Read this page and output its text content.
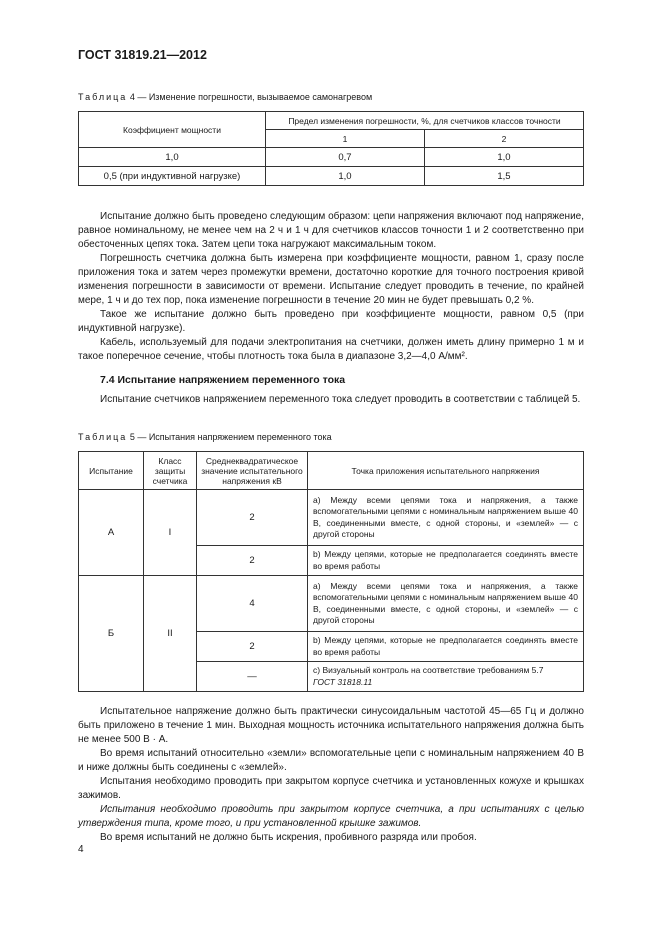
ГОСТ 31819.21—2012
Таблица 4 — Изменение погрешности, вызываемое самонагревом
Коэффициент мощности	Предел изменения погрешности, %, для счетчиков классов точности	
	1	2
1,0	0,7	1,0
0,5 (при индуктивной нагрузке)	1,0	1,5

Испытание должно быть проведено следующим образом: цепи напряжения включают под напряжение, равное номинальному, не менее чем на 2 ч и 1 ч для счетчиков классов точности 1 и 2 соответственно при обесточенных цепях тока. Затем цепи тока нагружают максимальным током.

Погрешность счетчика должна быть измерена при коэффициенте мощности, равном 1, сразу после приложения тока и затем через промежутки времени, достаточно короткие для точного построения кривой изменения погрешности в зависимости от времени. Испытание следует проводить в течение, по крайней мере, 1 ч и до тех пор, пока изменение погрешности в течение 20 мин не будет превышать 0,2 %.

Такое же испытание должно быть проведено при коэффициенте мощности, равном 0,5 (при индуктивной нагрузке).

Кабель, используемый для подачи электропитания на счетчики, должен иметь длину примерно 1 м и такое поперечное сечение, чтобы плотность тока была в диапазоне 3,2—4,0 А/мм².

7.4 Испытание напряжением переменного тока

Испытание счетчиков напряжением переменного тока следует проводить в соответствии с таблицей 5.

Таблица 5 — Испытания напряжением переменного тока
Испытание	Класс защиты счетчика	Среднеквадратическое значение испытательного напряжения кВ	Точка приложения испытательного напряжения
А	I	2	а) Между всеми цепями тока и напряжения, а также вспомогательными цепями с номинальным напряжением выше 40 В, соединенными вместе, с одной стороны, и «землей» — с другой стороны
		2	b) Между цепями, которые не предполагается соединять вместе во время работы
Б	II	4	а) Между всеми цепями тока и напряжения, а также вспомогательными цепями с номинальным напряжением выше 40 В, соединенными вместе, с одной стороны, и «землей» — с другой стороны
		2	b) Между цепями, которые не предполагается соединять вместе во время работы
		—	с) Визуальный контроль на соответствие требованиям 5.7
ГОСТ 31818.11

Испытательное напряжение должно быть практически синусоидальным частотой 45—65 Гц и должно быть приложено в течение 1 мин. Выходная мощность источника испытательного напряжения должна быть не менее 500 В · А.

Во время испытаний относительно «земли» вспомогательные цепи с номинальным напряжением 40 В и ниже должны быть соединены с «землей».

Испытания необходимо проводить при закрытом корпусе счетчика и установленных кожухе и крышках зажимов.

Испытания необходимо проводить при закрытом корпусе счетчика, а при испытаниях с целью утверждения типа, кроме того, и при установленной крышке зажимов.

Во время испытаний не должно быть искрения, пробивного разряда или пробоя.

4
